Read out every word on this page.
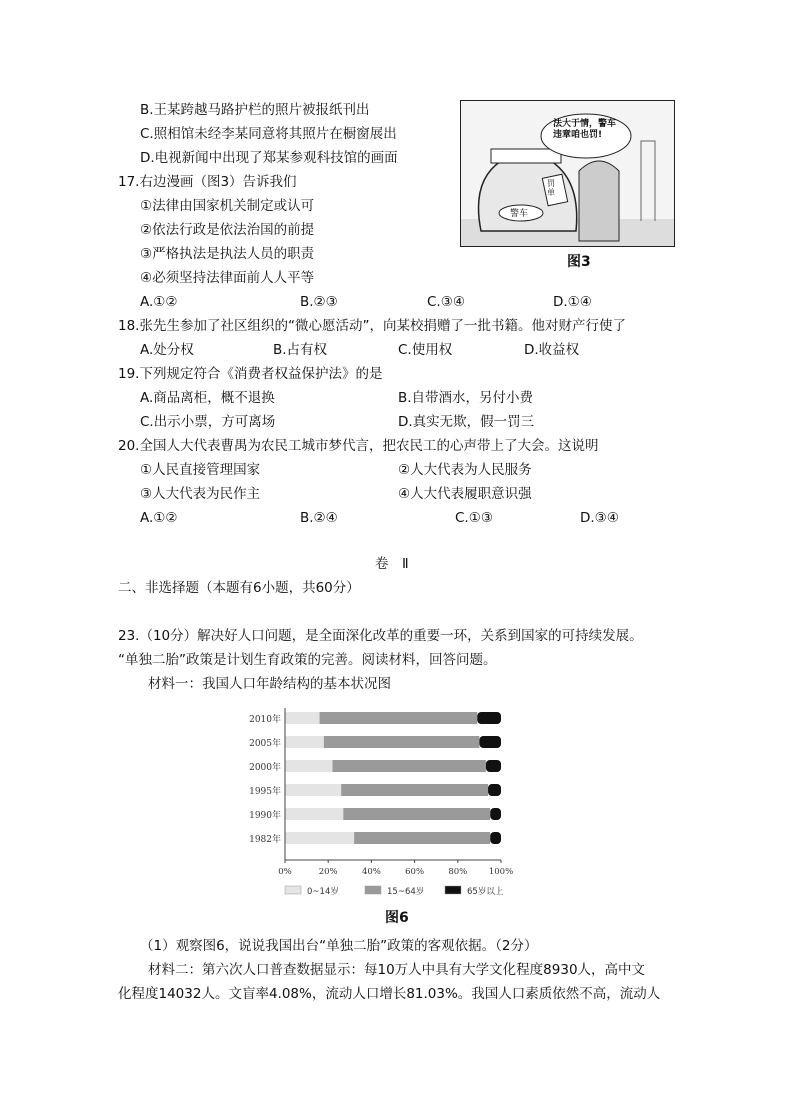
B.王某跨越马路护栏的照片被报纸刊出
C.照相馆未经李某同意将其照片在橱窗展出
D.电视新闻中出现了郑某参观科技馆的画面
17.右边漫画（图3）告诉我们
①法律由国家机关制定或认可
②依法行政是依法治国的前提
③严格执法是执法人员的职责
④必须坚持法律面前人人平等
A.①②	B.②③	C.③④	D.①④
法大于情，警车
违章咱也罚!
罚单
警车
图3
18.张先生参加了社区组织的“微心愿活动”，向某校捐赠了一批书籍。他对财产行使了
A.处分权	B.占有权	C.使用权	D.收益权
19.下列规定符合《消费者权益保护法》的是
A.商品离柜，概不退换	B.自带酒水，另付小费
C.出示小票，方可离场	D.真实无欺，假一罚三
20.全国人大代表曹禺为农民工城市梦代言，把农民工的心声带上了大会。这说明
①人民直接管理国家	②人大代表为人民服务
③人大代表为民作主	④人大代表履职意识强
A.①②	B.②④	C.①③	D.③④
卷　Ⅱ
二、非选择题（本题有6小题，共60分）
23.（10分）解决好人口问题，是全面深化改革的重要一环，关系到国家的可持续发展。
“单独二胎”政策是计划生育政策的完善。阅读材料，回答问题。
材料一：我国人口年龄结构的基本状况图
2010年
2005年
2000年
1995年
1990年
1982年
0%	20%	40%	60%	80%	100%
0~14岁	15~64岁	65岁以上
图6
（1）观察图6，说说我国出台“单独二胎”政策的客观依据。（2分）
材料二：第六次人口普查数据显示：每10万人中具有大学文化程度8930人，高中文
化程度14032人。文盲率4.08%，流动人口增长81.03%。我国人口素质依然不高，流动人
